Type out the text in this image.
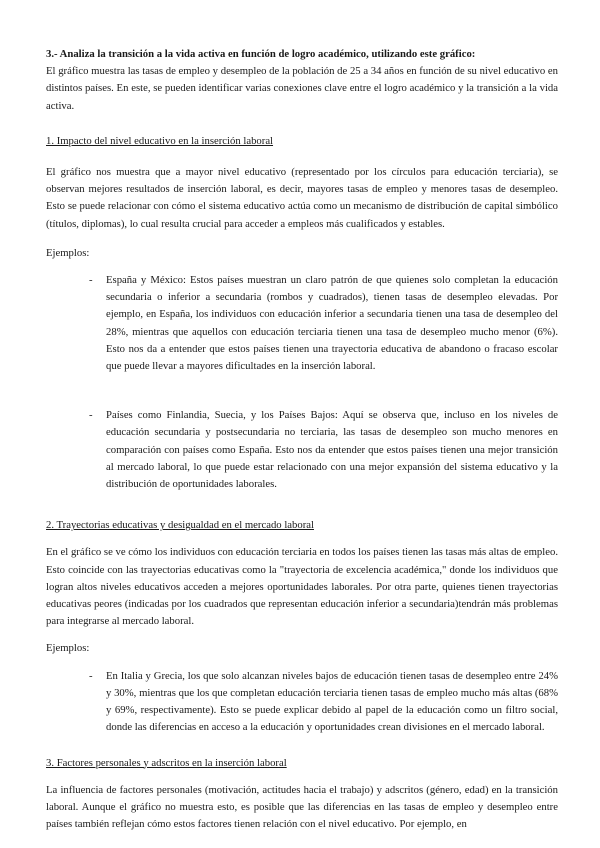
3.- Analiza la transición a la vida activa en función de logro académico, utilizando este gráfico:

El gráfico muestra las tasas de empleo y desempleo de la población de 25 a 34 años en función de su nivel educativo en distintos países. En este, se pueden identificar varias conexiones clave entre el logro académico y la transición a la vida activa.

1. Impacto del nivel educativo en la inserción laboral

El gráfico nos muestra que a mayor nivel educativo (representado por los círculos para educación terciaria), se observan mejores resultados de inserción laboral, es decir, mayores tasas de empleo y menores tasas de desempleo. Esto se puede relacionar con cómo el sistema educativo actúa como un mecanismo de distribución de capital simbólico (títulos, diplomas), lo cual resulta crucial para acceder a empleos más cualificados y estables.

Ejemplos:

- España y México: Estos países muestran un claro patrón de que quienes solo completan la educación secundaria o inferior a secundaria (rombos y cuadrados), tienen tasas de desempleo elevadas. Por ejemplo, en España, los individuos con educación inferior a secundaria tienen una tasa de desempleo del 28%, mientras que aquellos con educación terciaria tienen una tasa de desempleo mucho menor (6%). Esto nos da a entender que estos países tienen una trayectoria educativa de abandono o fracaso escolar que puede llevar a mayores dificultades en la inserción laboral.

- Países como Finlandia, Suecia, y los Países Bajos: Aquí se observa que, incluso en los niveles de educación secundaria y postsecundaria no terciaria, las tasas de desempleo son mucho menores en comparación con países como España. Esto nos da entender que estos países tienen una mejor transición al mercado laboral, lo que puede estar relacionado con una mejor expansión del sistema educativo y la distribución de oportunidades laborales.

2. Trayectorias educativas y desigualdad en el mercado laboral

En el gráfico se ve cómo los individuos con educación terciaria en todos los países tienen las tasas más altas de empleo. Esto coincide con las trayectorias educativas como la "trayectoria de excelencia académica," donde los individuos que logran altos niveles educativos acceden a mejores oportunidades laborales. Por otra parte, quienes tienen trayectorias educativas peores (indicadas por los cuadrados que representan educación inferior a secundaria)tendrán más problemas para integrarse al mercado laboral.

Ejemplos:

- En Italia y Grecia, los que solo alcanzan niveles bajos de educación tienen tasas de desempleo entre 24% y 30%, mientras que los que completan educación terciaria tienen tasas de empleo mucho más altas (68% y 69%, respectivamente). Esto se puede explicar debido al papel de la educación como un filtro social, donde las diferencias en acceso a la educación y oportunidades crean divisiones en el mercado laboral.

3. Factores personales y adscritos en la inserción laboral

La influencia de factores personales (motivación, actitudes hacia el trabajo) y adscritos (género, edad) en la transición laboral. Aunque el gráfico no muestra esto, es posible que las diferencias en las tasas de empleo y desempleo entre países también reflejan cómo estos factores tienen relación con el nivel educativo. Por ejemplo, en
